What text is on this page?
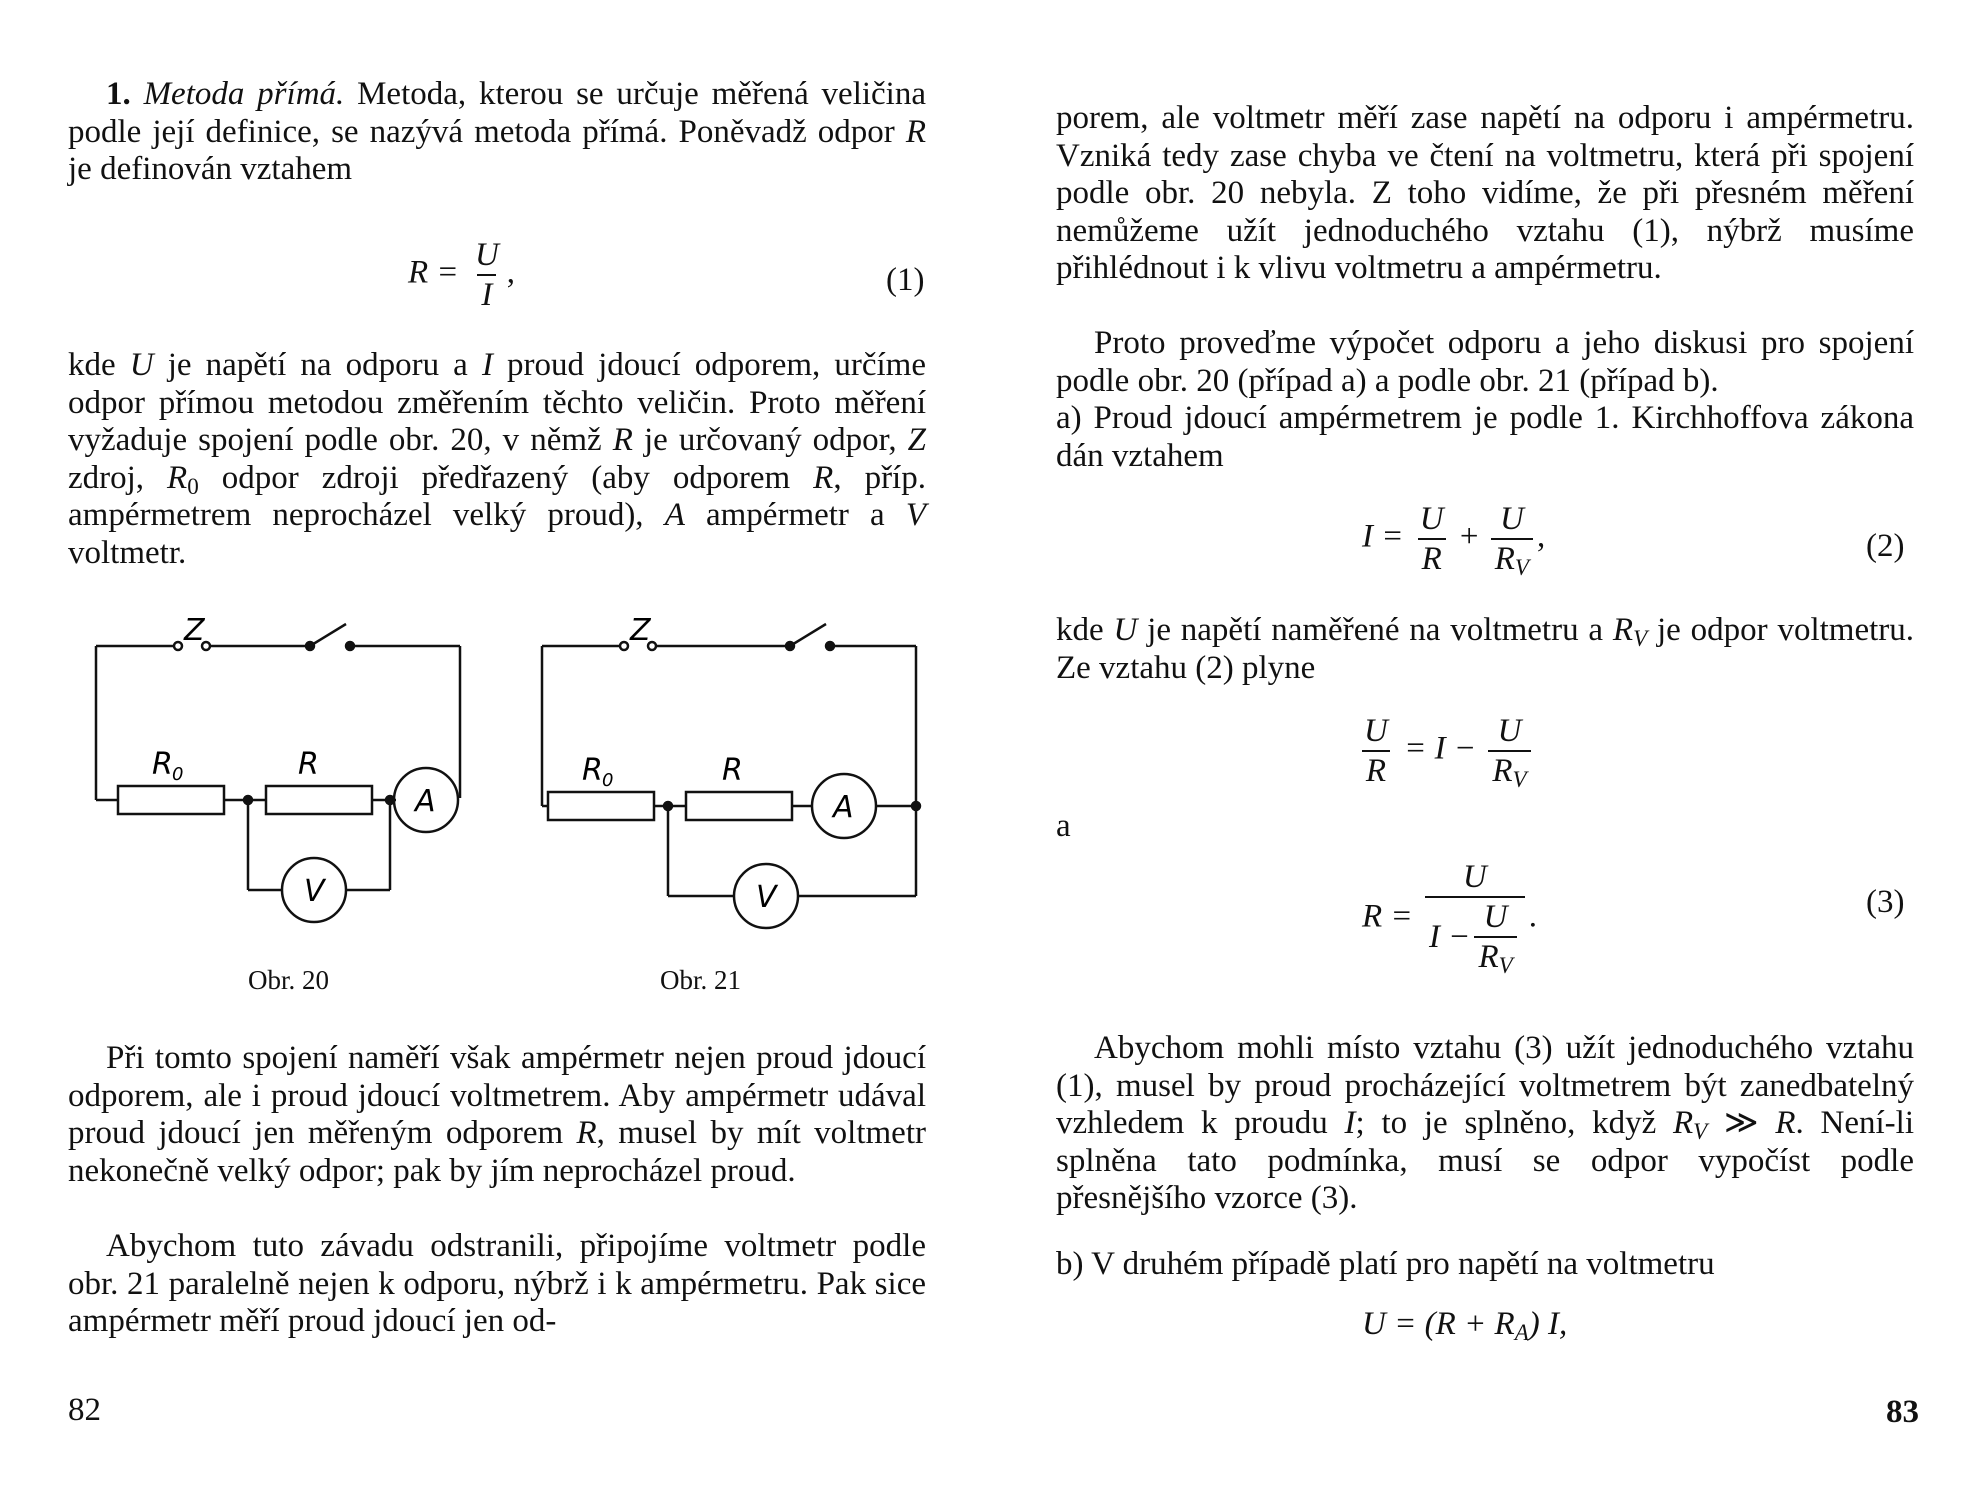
1. Metoda přímá. Metoda, kterou se určuje měřená veličina podle její definice, se nazývá metoda přímá. Poněvadž odpor R je definován vztahem

$R = \frac{U}{I}$ ,	(1)

kde U je napětí na odporu a I proud jdoucí odporem, určíme odpor přímou metodou změřením těchto veličin. Proto měření vyžaduje spojení podle obr. 20, v němž R je určovaný odpor, Z zdroj, $R_0$ odpor zdroji předřazený (aby odporem R, příp. ampérmetrem neprocházel velký proud), A ampérmetr a V voltmetr.

Z
R 0	R
A
V
Obr. 20
Z
R 0	R
A
V
Obr. 21

Při tomto spojení naměří však ampérmetr nejen proud jdoucí odporem, ale i proud jdoucí voltmetrem. Aby ampérmetr udával proud jdoucí jen měřeným odporem R, musel by mít voltmetr nekonečně velký odpor; pak by jím neprocházel proud.

Abychom tuto závadu odstranili, připojíme voltmetr podle obr. 21 paralelně nejen k odporu, nýbrž i k ampérmetru. Pak sice ampérmetr měří proud jdoucí jen od-

82

porem, ale voltmetr měří zase napětí na odporu i ampérmetru. Vzniká tedy zase chyba ve čtení na voltmetru, která při spojení podle obr. 20 nebyla. Z toho vidíme, že při přesném měření nemůžeme užít jednoduchého vztahu (1), nýbrž musíme přihlédnout i k vlivu voltmetru a ampérmetru.

Proto proveďme výpočet odporu a jeho diskusi pro spojení podle obr. 20 (případ a) a podle obr. 21 (případ b).

a) Proud jdoucí ampérmetrem je podle 1. Kirchhoffova zákona dán vztahem

$I = \frac{U}{R} + \frac{U}{R_V}$ ,	(2)

kde U je napětí naměřené na voltmetru a $R_V$ je odpor voltmetru. Ze vztahu (2) plyne

$\frac{U}{R} = I - \frac{U}{R_V}$
a
$R = \frac{U}{I - \frac{U}{R_V}}$ .	(3)

Abychom mohli místo vztahu (3) užít jednoduchého vztahu (1), musel by proud procházející voltmetrem být zanedbatelný vzhledem k proudu I; to je splněno, když $R_V$ ≫ R. Není-li splněna tato podmínka, musí se odpor vypočíst podle přesnějšího vzorce (3).

b) V druhém případě platí pro napětí na voltmetru

$U = (R + R_A)$ I,
83
